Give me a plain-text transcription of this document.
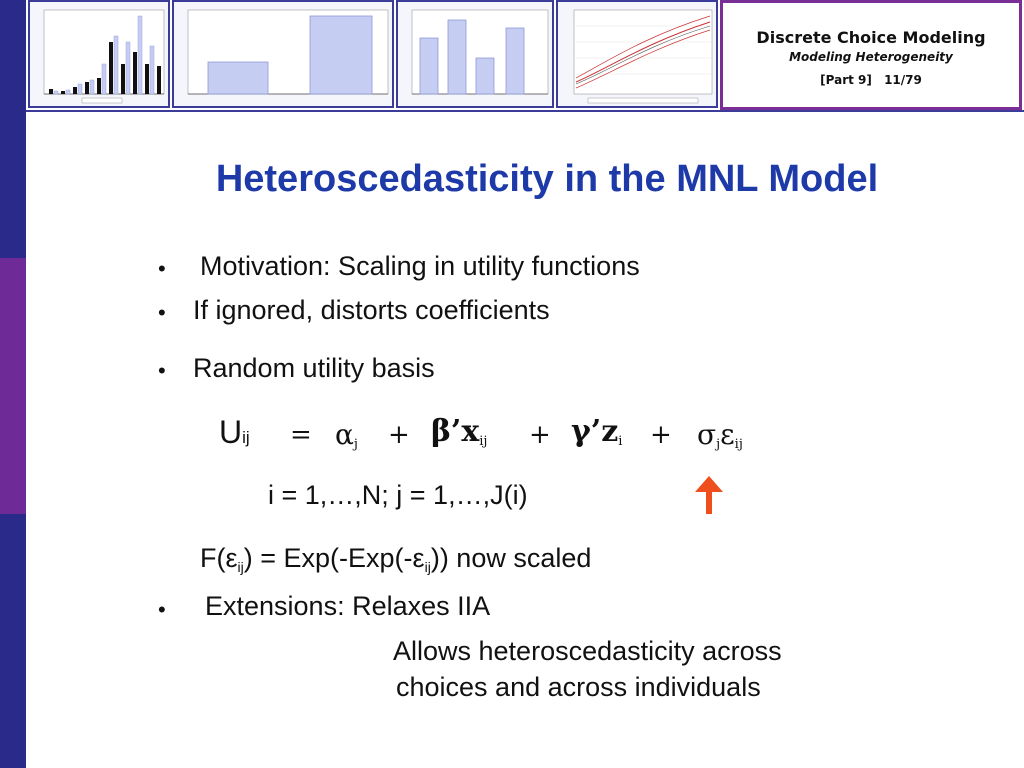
Discrete Choice Modeling
Modeling Heterogeneity
[Part 9] 11/79
Heteroscedasticity in the MNL Model
• Motivation: Scaling in utility functions
• If ignored, distorts coefficients
• Random utility basis
Uij = αj + β’xij + γ’zi + σjεij
i = 1,…,N; j = 1,…,J(i)
F(εij) = Exp(-Exp(-εij)) now scaled
• Extensions: Relaxes IIA
Allows heteroscedasticity across
choices and across individuals
